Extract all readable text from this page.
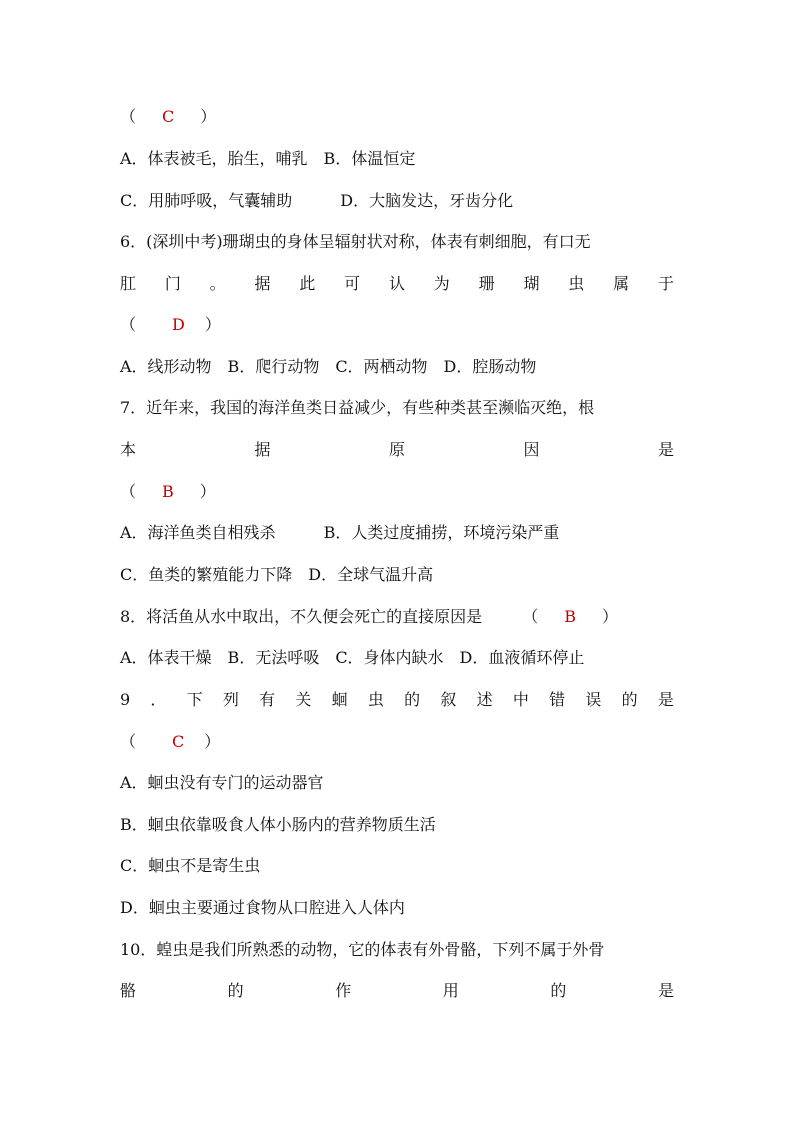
（ C ）
A．体表被毛，胎生，哺乳　B．体温恒定
C．用肺呼吸，气囊辅助	D．大脑发达，牙齿分化
6．(深圳中考)珊瑚虫的身体呈辐射状对称，体表有刺细胞，有口无
肛 门 。 据 此 可 认 为 珊 瑚 虫 属 于
（ D ）
A．线形动物　B．爬行动物　C．两栖动物　D．腔肠动物
7．近年来，我国的海洋鱼类日益减少，有些种类甚至濒临灭绝，根
本	据	原	因	是
（ B ）
A．海洋鱼类自相残杀	B．人类过度捕捞，环境污染严重
C．鱼类的繁殖能力下降　D．全球气温升高
8．将活鱼从水中取出，不久便会死亡的直接原因是	（ B ）
A．体表干燥　B．无法呼吸　C．身体内缺水　D．血液循环停止
9 ． 下 列 有 关 蛔 虫 的 叙 述 中 错 误 的 是
（ C ）
A．蛔虫没有专门的运动器官
B．蛔虫依靠吸食人体小肠内的营养物质生活
C．蛔虫不是寄生虫
D．蛔虫主要通过食物从口腔进入人体内
10．蝗虫是我们所熟悉的动物，它的体表有外骨骼，下列不属于外骨
骼	的	作	用	的	是
